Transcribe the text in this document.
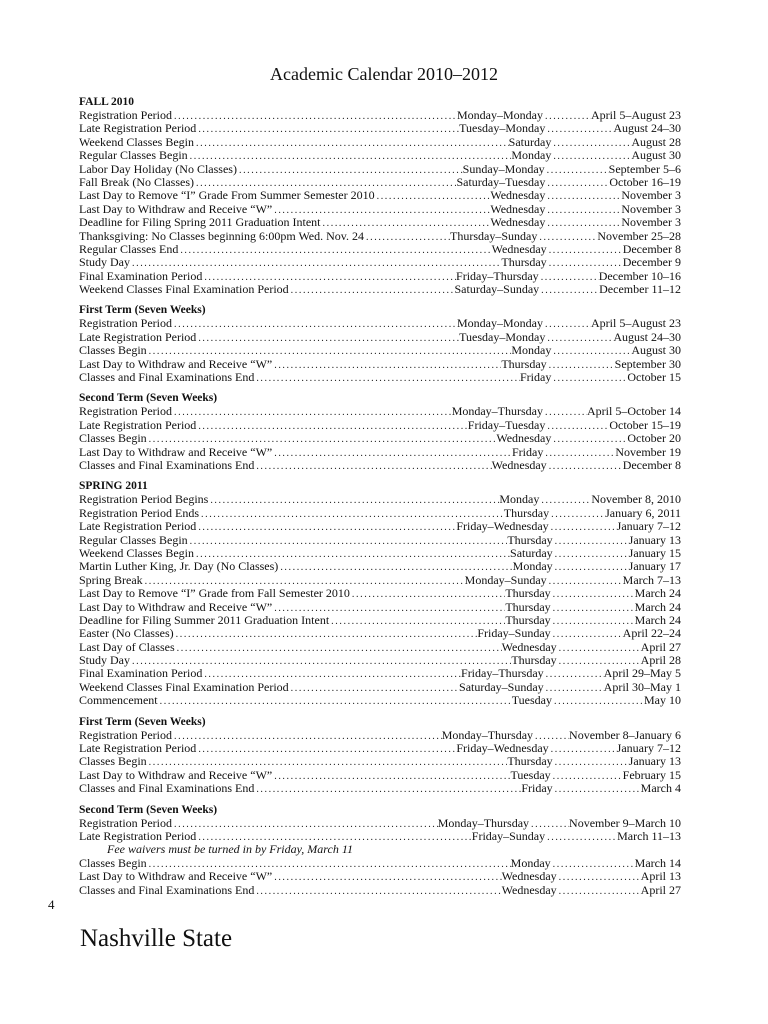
Academic Calendar 2010–2012
FALL 2010
Registration Period .....	Monday–Monday .....	April 5–August 23
Late Registration Period .....	Tuesday–Monday .....	August 24–30
Weekend Classes Begin .....	Saturday .....	August 28
Regular Classes Begin .....	Monday .....	August 30
Labor Day Holiday (No Classes) .....	Sunday–Monday .....	September 5–6
Fall Break (No Classes) .....	Saturday–Tuesday .....	October 16–19
Last Day to Remove “I” Grade From Summer Semester 2010 .....	Wednesday .....	November 3
Last Day to Withdraw and Receive “W” .....	Wednesday .....	November 3
Deadline for Filing Spring 2011 Graduation Intent .....	Wednesday .....	November 3
Thanksgiving: No Classes beginning 6:00pm Wed. Nov. 24 .....	Thursday–Sunday .....	November 25–28
Regular Classes End .....	Wednesday .....	December 8
Study Day .....	Thursday .....	December 9
Final Examination Period .....	Friday–Thursday .....	December 10–16
Weekend Classes Final Examination Period .....	Saturday–Sunday .....	December 11–12
First Term (Seven Weeks)
Registration Period .....	Monday–Monday .....	April 5–August 23
Late Registration Period .....	Tuesday–Monday .....	August 24–30
Classes Begin .....	Monday .....	August 30
Last Day to Withdraw and Receive “W” .....	Thursday .....	September 30
Classes and Final Examinations End .....	Friday .....	October 15
Second Term (Seven Weeks)
Registration Period .....	Monday–Thursday .....	April 5–October 14
Late Registration Period .....	Friday–Tuesday .....	October 15–19
Classes Begin .....	Wednesday .....	October 20
Last Day to Withdraw and Receive “W” .....	Friday .....	November 19
Classes and Final Examinations End .....	Wednesday .....	December 8
SPRING 2011
Registration Period Begins .....	Monday .....	November 8, 2010
Registration Period Ends .....	Thursday .....	January 6, 2011
Late Registration Period .....	Friday–Wednesday .....	January 7–12
Regular Classes Begin .....	Thursday .....	January 13
Weekend Classes Begin .....	Saturday .....	January 15
Martin Luther King, Jr. Day (No Classes) .....	Monday .....	January 17
Spring Break .....	Monday–Sunday .....	March 7–13
Last Day to Remove “I” Grade from Fall Semester 2010 .....	Thursday .....	March 24
Last Day to Withdraw and Receive “W” .....	Thursday .....	March 24
Deadline for Filing Summer 2011 Graduation Intent .....	Thursday .....	March 24
Easter (No Classes) .....	Friday–Sunday .....	April 22–24
Last Day of Classes .....	Wednesday .....	April 27
Study Day .....	Thursday .....	April 28
Final Examination Period .....	Friday–Thursday .....	April 29–May 5
Weekend Classes Final Examination Period .....	Saturday–Sunday .....	April 30–May 1
Commencement .....	Tuesday .....	May 10
First Term (Seven Weeks)
Registration Period .....	Monday–Thursday .....	November 8–January 6
Late Registration Period .....	Friday–Wednesday .....	January 7–12
Classes Begin .....	Thursday .....	January 13
Last Day to Withdraw and Receive “W” .....	Tuesday .....	February 15
Classes and Final Examinations End .....	Friday .....	March 4
Second Term (Seven Weeks)
Registration Period .....	Monday–Thursday .....	November 9–March 10
Late Registration Period .....	Friday–Sunday .....	March 11–13
Fee waivers must be turned in by Friday, March 11
Classes Begin .....	Monday .....	March 14
Last Day to Withdraw and Receive “W” .....	Wednesday .....	April 13
Classes and Final Examinations End .....	Wednesday .....	April 27
4
Nashville State
